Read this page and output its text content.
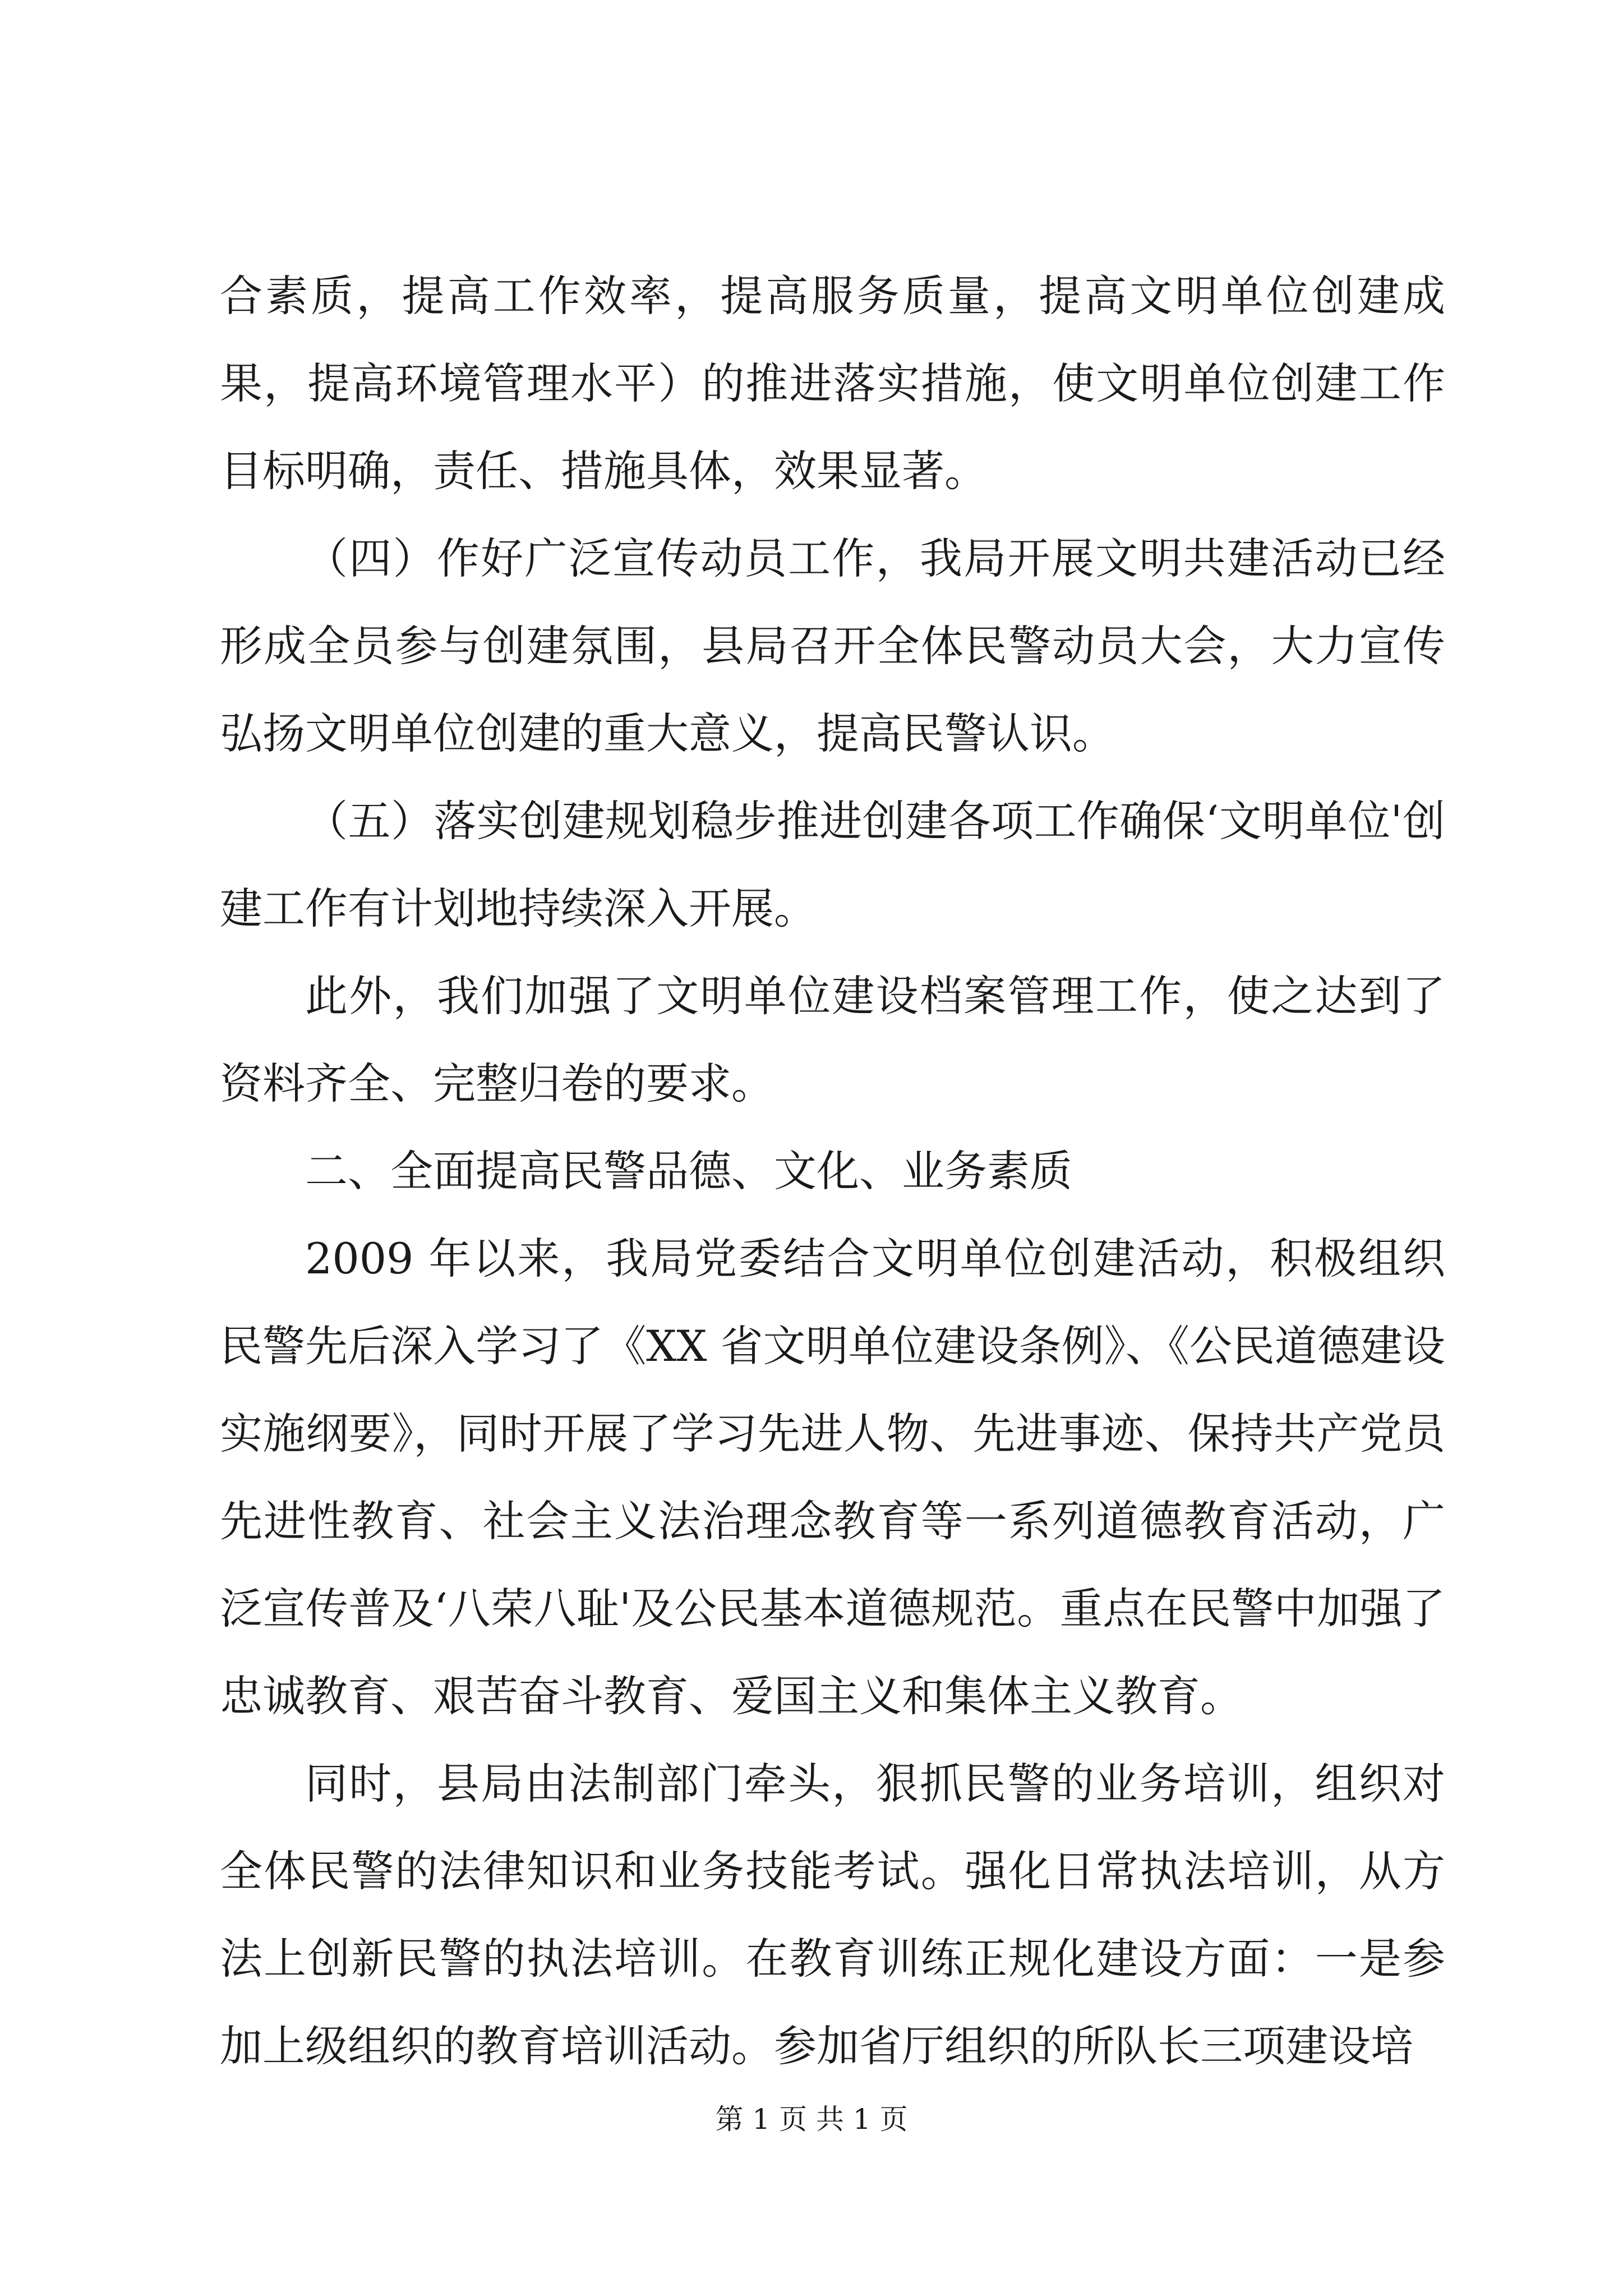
合素质，提高工作效率，提高服务质量，提高文明单位创建成果，提高环境管理水平）的推进落实措施，使文明单位创建工作目标明确，责任、措施具体，效果显著。

（四）作好广泛宣传动员工作，我局开展文明共建活动已经形成全员参与创建氛围，县局召开全体民警动员大会，大力宣传弘扬文明单位创建的重大意义，提高民警认识。

（五）落实创建规划稳步推进创建各项工作确保‘文明单位'创建工作有计划地持续深入开展。

此外，我们加强了文明单位建设档案管理工作，使之达到了资料齐全、完整归卷的要求。

二、全面提高民警品德、文化、业务素质

2009 年以来，我局党委结合文明单位创建活动，积极组织民警先后深入学习了《XX 省文明单位建设条例》、《公民道德建设实施纲要》，同时开展了学习先进人物、先进事迹、保持共产党员先进性教育、社会主义法治理念教育等一系列道德教育活动，广泛宣传普及‘八荣八耻'及公民基本道德规范。重点在民警中加强了忠诚教育、艰苦奋斗教育、爱国主义和集体主义教育。

同时，县局由法制部门牵头，狠抓民警的业务培训，组织对全体民警的法律知识和业务技能考试。强化日常执法培训，从方法上创新民警的执法培训。在教育训练正规化建设方面：一是参加上级组织的教育培训活动。参加省厅组织的所队长三项建设培

第 1 页 共 1 页
